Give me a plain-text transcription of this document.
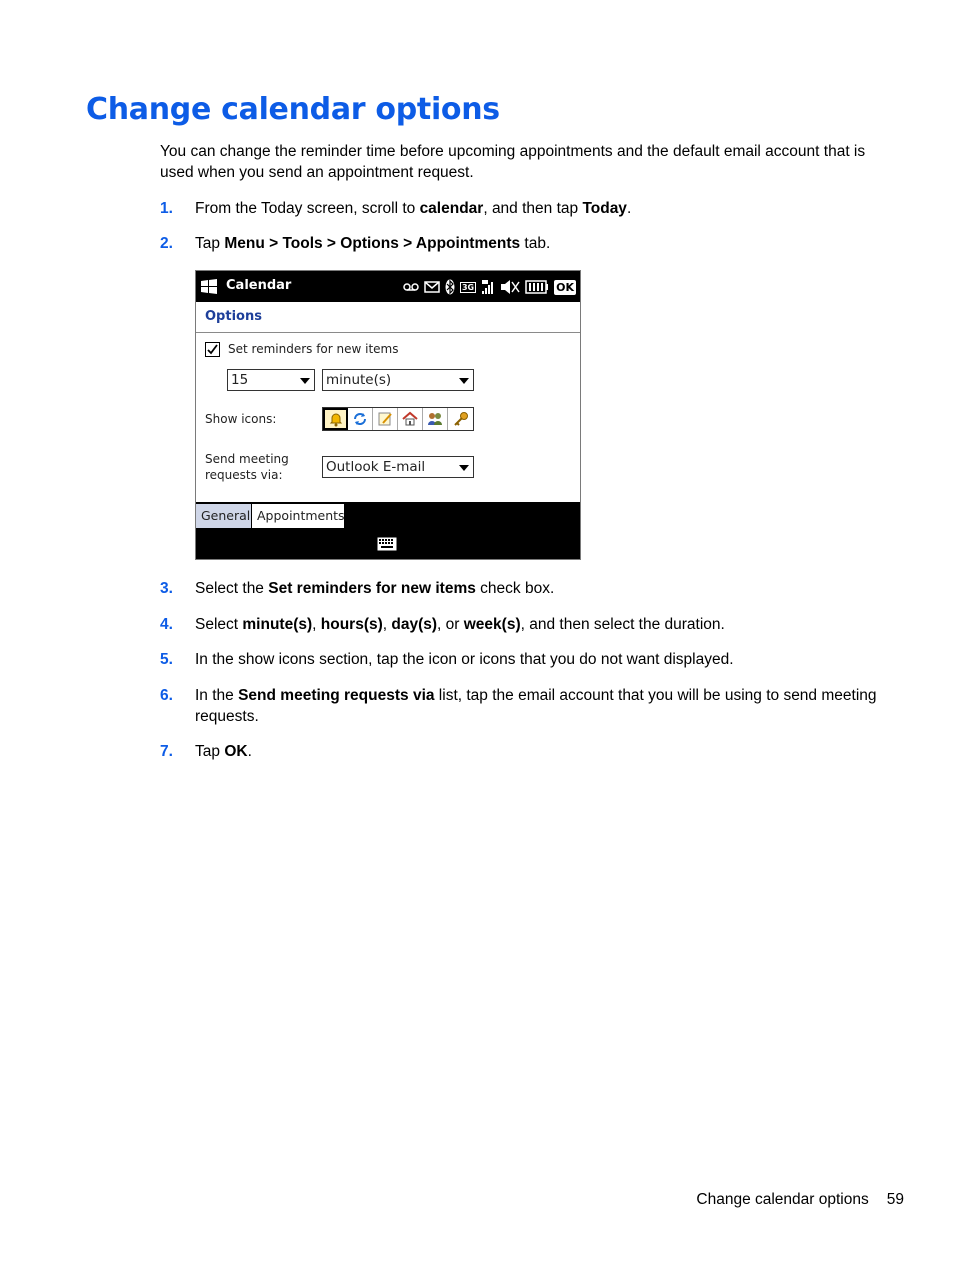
Change calendar options

You can change the reminder time before upcoming appointments and the default email account that is used when you send an appointment request.

1.	From the Today screen, scroll to calendar, and then tap Today.
2.	Tap Menu > Tools > Options > Appointments tab.
Calendar	3G	OK
Options
Set reminders for new items
15	minute(s)
Show icons:
Send meeting
requests via:	Outlook E-mail
General Appointments
3.	Select the Set reminders for new items check box.
4.	Select minute(s), hours(s), day(s), or week(s), and then select the duration.
5.	In the show icons section, tap the icon or icons that you do not want displayed.
6.	In the Send meeting requests via list, tap the email account that you will be using to send meeting requests.
7.	Tap OK.
Change calendar options 59
